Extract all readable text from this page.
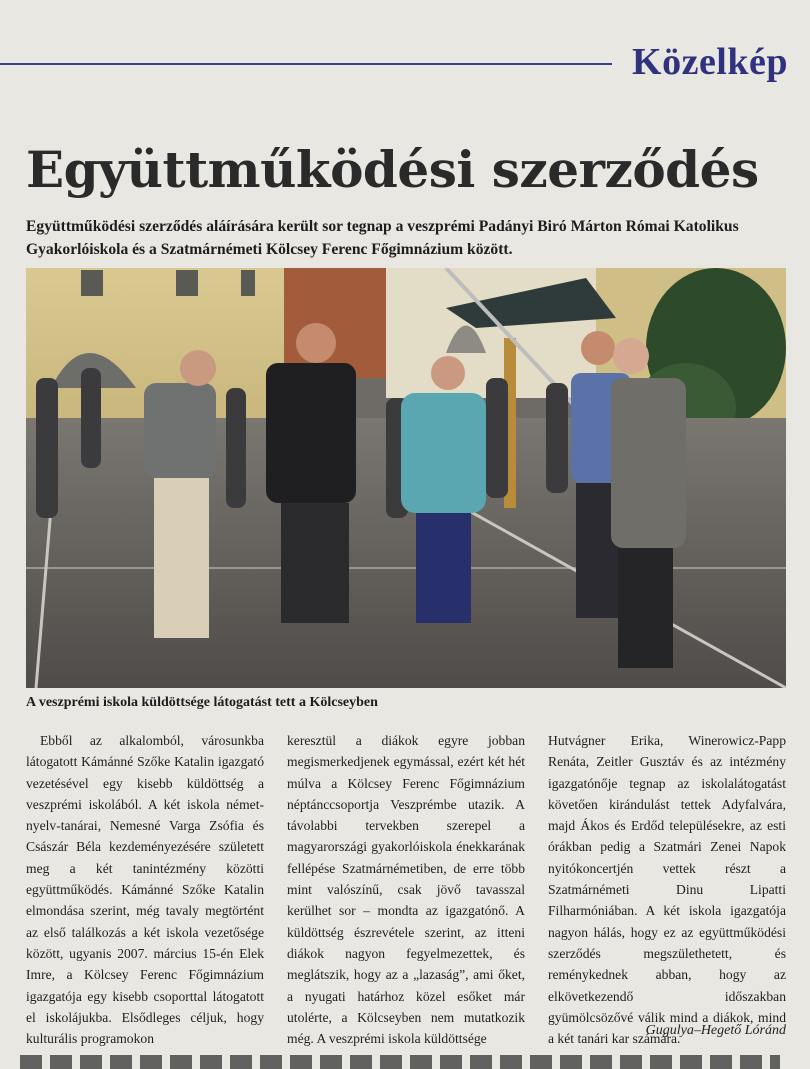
Közelkép
Együttműködési szerződés

Együttműködési szerződés aláírására került sor tegnap a veszprémi Padányi Biró Márton Római Katolikus Gyakorlóiskola és a Szatmárnémeti Kölcsey Ferenc Főgimnázium között.

A veszprémi iskola küldöttsége látogatást tett a Kölcseyben

Ebből az alkalomból, városunkba látogatott Kámánné Szőke Katalin igazgató vezetésével egy kisebb küldöttség a veszprémi iskolából. A két iskola német-nyelv-tanárai, Nemesné Varga Zsófia és Császár Béla kezdeményezésére született meg a két tanintézmény közötti együttműködés. Kámánné Szőke Katalin elmondása szerint, még tavaly megtörtént az első találkozás a két iskola vezetősége között, ugyanis 2007. március 15-én Elek Imre, a Kölcsey Ferenc Főgimnázium igazgatója egy kisebb csoporttal látogatott el iskolájukba. Elsődleges céljuk, hogy kulturális programokon

keresztül a diákok egyre jobban megismerkedjenek egymással, ezért két hét múlva a Kölcsey Ferenc Főgimnázium néptánccsoportja Veszprémbe utazik. A távolabbi tervekben szerepel a magyarországi gyakorlóiskola énekkarának fellépése Szatmárnémetiben, de erre több mint valószínű, csak jövő tavasszal kerülhet sor – mondta az igazgatónő. A küldöttség észrevétele szerint, az itteni diákok nagyon fegyelmezettek, és meglátszik, hogy az a „lazaság”, ami őket, a nyugati határhoz közel esőket már utolérte, a Kölcseyben nem mutatkozik még. A veszprémi iskola küldöttsége

Hutvágner Erika, Winerowicz-Papp Renáta, Zeitler Gusztáv és az intézmény igazgatónője tegnap az iskolalátogatást követően kirándulást tettek Adyfalvára, majd Ákos és Erdőd településekre, az esti órákban pedig a Szatmári Zenei Napok nyitókoncertjén vettek részt a Szatmárnémeti Dinu Lipatti Filharmóniában. A két iskola igazgatója nagyon hálás, hogy ez az együttműködési szerződés megszülethetett, és reménykednek abban, hogy az elkövetkezendő időszakban gyümölcsözővé válik mind a diákok, mind a két tanári kar számára.

Gugulya–Hegető Lóránd
